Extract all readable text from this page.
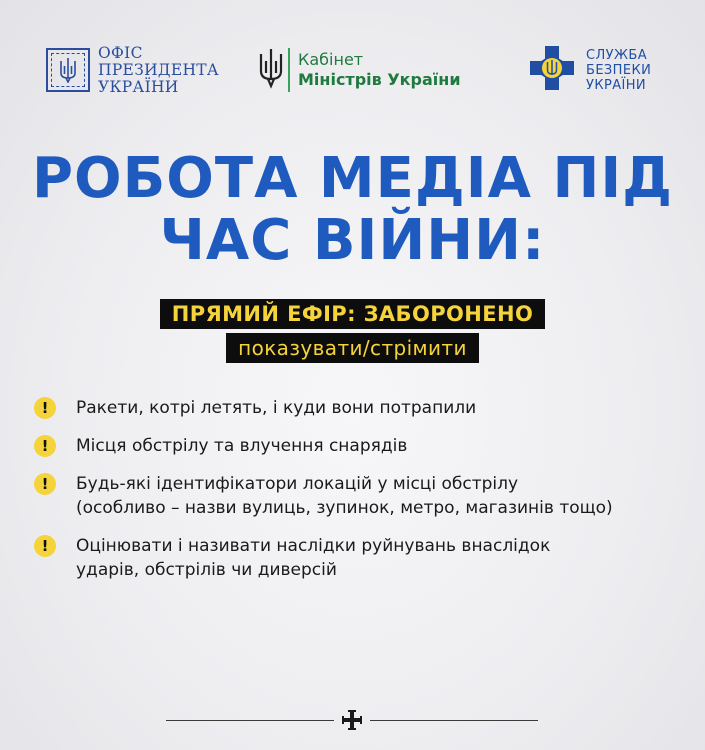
ОФІС
ПРЕЗИДЕНТА
УКРАЇНИ
Кабінет
Міністрів України
СЛУЖБА
БЕЗПЕКИ
УКРАЇНИ
РОБОТА МЕДІА ПІД
ЧАС ВІЙНИ:
ПРЯМИЙ ЕФІР: ЗАБОРОНЕНО
показувати/стрімити
!	Ракети, котрі летять, і куди вони потрапили
!	Місця обстрілу та влучення снарядів
!	Будь-які ідентифікатори локацій у місці обстрілу
(особливо – назви вулиць, зупинок, метро, магазинів тощо)
!	Оцінювати і називати наслідки руйнувань внаслідок
ударів, обстрілів чи диверсій
